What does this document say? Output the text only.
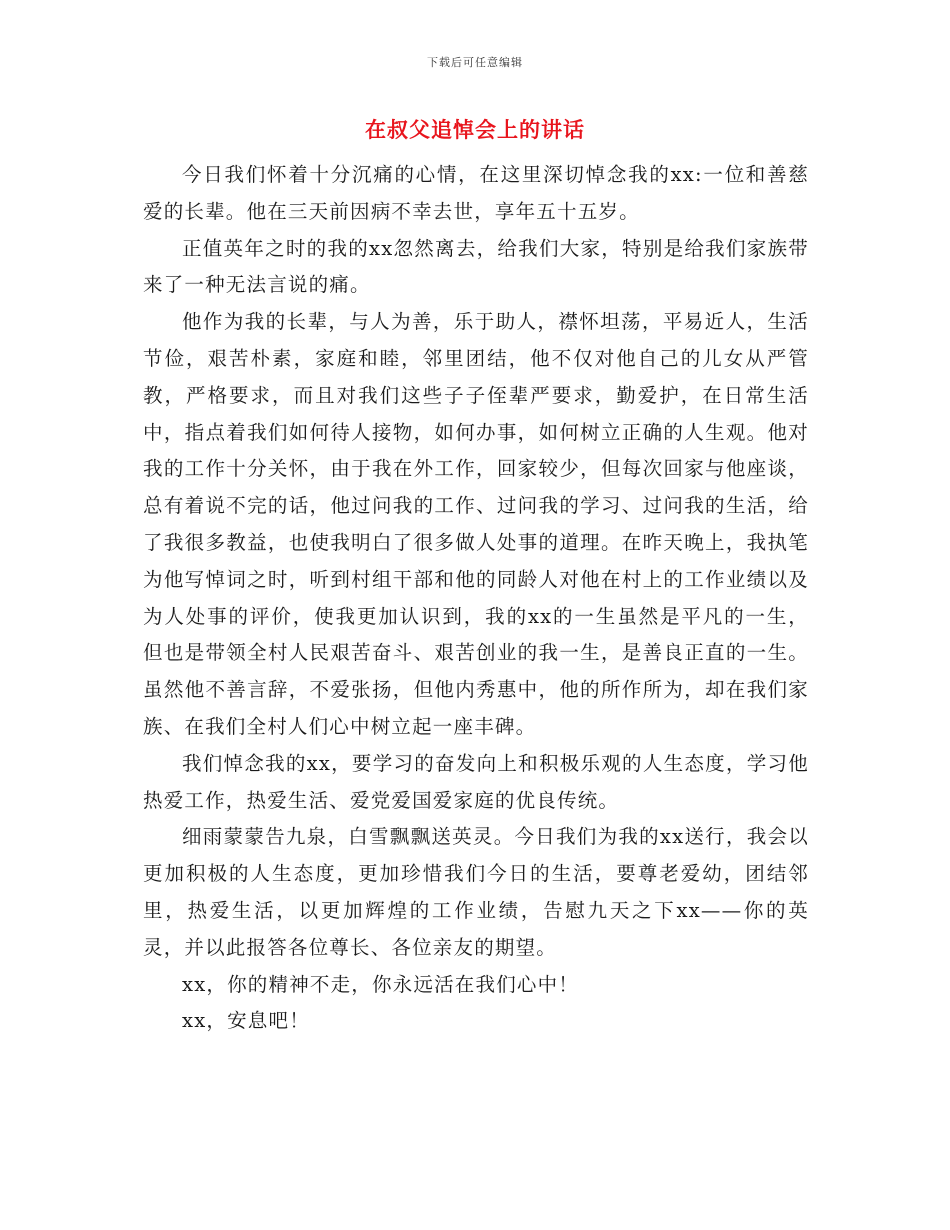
下载后可任意编辑
在叔父追悼会上的讲话

今日我们怀着十分沉痛的心情，在这里深切悼念我的xx:一位和善慈爱的长辈。他在三天前因病不幸去世，享年五十五岁。

正值英年之时的我的xx忽然离去，给我们大家，特别是给我们家族带来了一种无法言说的痛。

他作为我的长辈，与人为善，乐于助人，襟怀坦荡，平易近人，生活节俭，艰苦朴素，家庭和睦，邻里团结，他不仅对他自己的儿女从严管教，严格要求，而且对我们这些子子侄辈严要求，勤爱护，在日常生活中，指点着我们如何待人接物，如何办事，如何树立正确的人生观。他对我的工作十分关怀，由于我在外工作，回家较少，但每次回家与他座谈，总有着说不完的话，他过问我的工作、过问我的学习、过问我的生活，给了我很多教益，也使我明白了很多做人处事的道理。在昨天晚上，我执笔为他写悼词之时，听到村组干部和他的同龄人对他在村上的工作业绩以及为人处事的评价，使我更加认识到，我的xx的一生虽然是平凡的一生，但也是带领全村人民艰苦奋斗、艰苦创业的我一生，是善良正直的一生。虽然他不善言辞，不爱张扬，但他内秀惠中，他的所作所为，却在我们家族、在我们全村人们心中树立起一座丰碑。

我们悼念我的xx，要学习的奋发向上和积极乐观的人生态度，学习他热爱工作，热爱生活、爱党爱国爱家庭的优良传统。

细雨蒙蒙告九泉，白雪飘飘送英灵。今日我们为我的xx送行，我会以更加积极的人生态度，更加珍惜我们今日的生活，要尊老爱幼，团结邻里，热爱生活，以更加辉煌的工作业绩，告慰九天之下xx——你的英灵，并以此报答各位尊长、各位亲友的期望。

xx，你的精神不走，你永远活在我们心中！

xx，安息吧！
